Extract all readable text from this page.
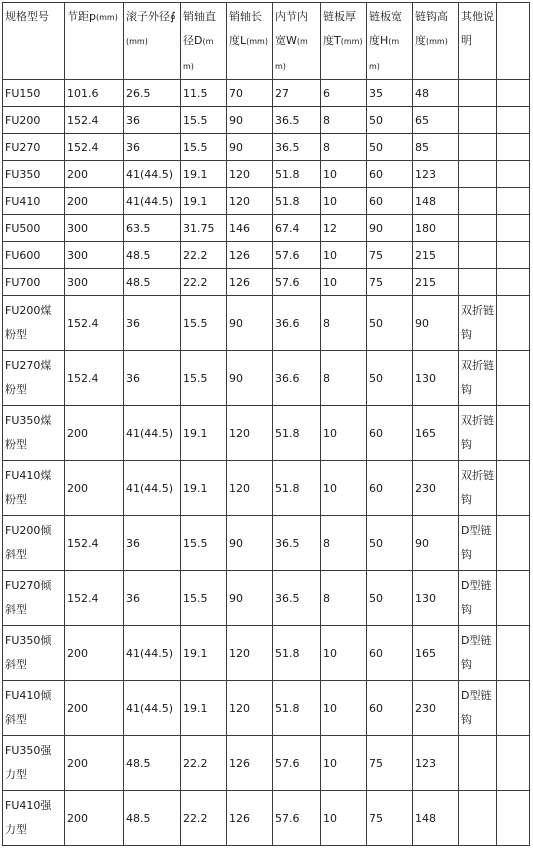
规格型号	节距p(mm)	滚子外径∮(mm)	销轴直径D(mm)	销轴长度L(mm)	内节内宽W(mm)	链板厚度T(mm)	链板宽度H(mm)	链钩高度(mm)	其他说明	
FU150	101.6	26.5	11.5	70	27	6	35	48		
FU200	152.4	36	15.5	90	36.5	8	50	65		
FU270	152.4	36	15.5	90	36.5	8	50	85		
FU350	200	41(44.5)	19.1	120	51.8	10	60	123		
FU410	200	41(44.5)	19.1	120	51.8	10	60	148		
FU500	300	63.5	31.75	146	67.4	12	90	180		
FU600	300	48.5	22.2	126	57.6	10	75	215		
FU700	300	48.5	22.2	126	57.6	10	75	215		
FU200煤粉型	152.4	36	15.5	90	36.6	8	50	90	双折链钩	
FU270煤粉型	152.4	36	15.5	90	36.6	8	50	130	双折链钩	
FU350煤粉型	200	41(44.5)	19.1	120	51.8	10	60	165	双折链钩	
FU410煤粉型	200	41(44.5)	19.1	120	51.8	10	60	230	双折链钩	
FU200倾斜型	152.4	36	15.5	90	36.5	8	50	90	D型链钩	
FU270倾斜型	152.4	36	15.5	90	36.5	8	50	130	D型链钩	
FU350倾斜型	200	41(44.5)	19.1	120	51.8	10	60	165	D型链钩	
FU410倾斜型	200	41(44.5)	19.1	120	51.8	10	60	230	D型链钩	
FU350强力型	200	48.5	22.2	126	57.6	10	75	123		
FU410强力型	200	48.5	22.2	126	57.6	10	75	148		
